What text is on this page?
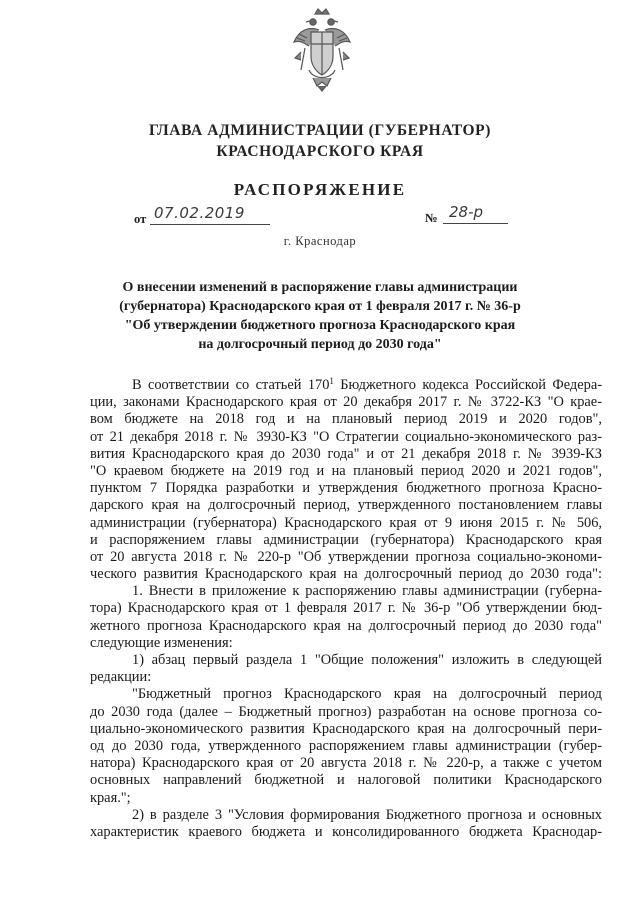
ГЛАВА АДМИНИСТРАЦИИ (ГУБЕРНАТОР)
КРАСНОДАРСКОГО КРАЯ
РАСПОРЯЖЕНИЕ
от 07.02.2019	№ 28-р
г. Краснодар
О внесении изменений в распоряжение главы администрации
(губернатора) Краснодарского края от 1 февраля 2017 г. № 36-р
"Об утверждении бюджетного прогноза Краснодарского края
на долгосрочный период до 2030 года"
В соответствии со статьей $170^1$ Бюджетного кодекса Российской Федера-
ции, законами Краснодарского края от 20 декабря 2017 г. № 3722-КЗ "О крае-
вом бюджете на 2018 год и на плановый период 2019 и 2020 годов",
от 21 декабря 2018 г. № 3930-КЗ "О Стратегии социально-экономического раз-
вития Краснодарского края до 2030 года" и от 21 декабря 2018 г. № 3939-КЗ
"О краевом бюджете на 2019 год и на плановый период 2020 и 2021 годов",
пунктом 7 Порядка разработки и утверждения бюджетного прогноза Красно-
дарского края на долгосрочный период, утвержденного постановлением главы
администрации (губернатора) Краснодарского края от 9 июня 2015 г. № 506,
и распоряжением главы администрации (губернатора) Краснодарского края
от 20 августа 2018 г. № 220-р "Об утверждении прогноза социально-экономи-
ческого развития Краснодарского края на долгосрочный период до 2030 года":
1. Внести в приложение к распоряжению главы администрации (губерна-
тора) Краснодарского края от 1 февраля 2017 г. № 36-р "Об утверждении бюд-
жетного прогноза Краснодарского края на долгосрочный период до 2030 года"
следующие изменения:
1) абзац первый раздела 1 "Общие положения" изложить в следующей
редакции:
"Бюджетный прогноз Краснодарского края на долгосрочный период
до 2030 года (далее – Бюджетный прогноз) разработан на основе прогноза со-
циально-экономического развития Краснодарского края на долгосрочный пери-
од до 2030 года, утвержденного распоряжением главы администрации (губер-
натора) Краснодарского края от 20 августа 2018 г. № 220-р, а также с учетом
основных направлений бюджетной и налоговой политики Краснодарского
края.";
2) в разделе 3 "Условия формирования Бюджетного прогноза и основных
характеристик краевого бюджета и консолидированного бюджета Краснодар-
